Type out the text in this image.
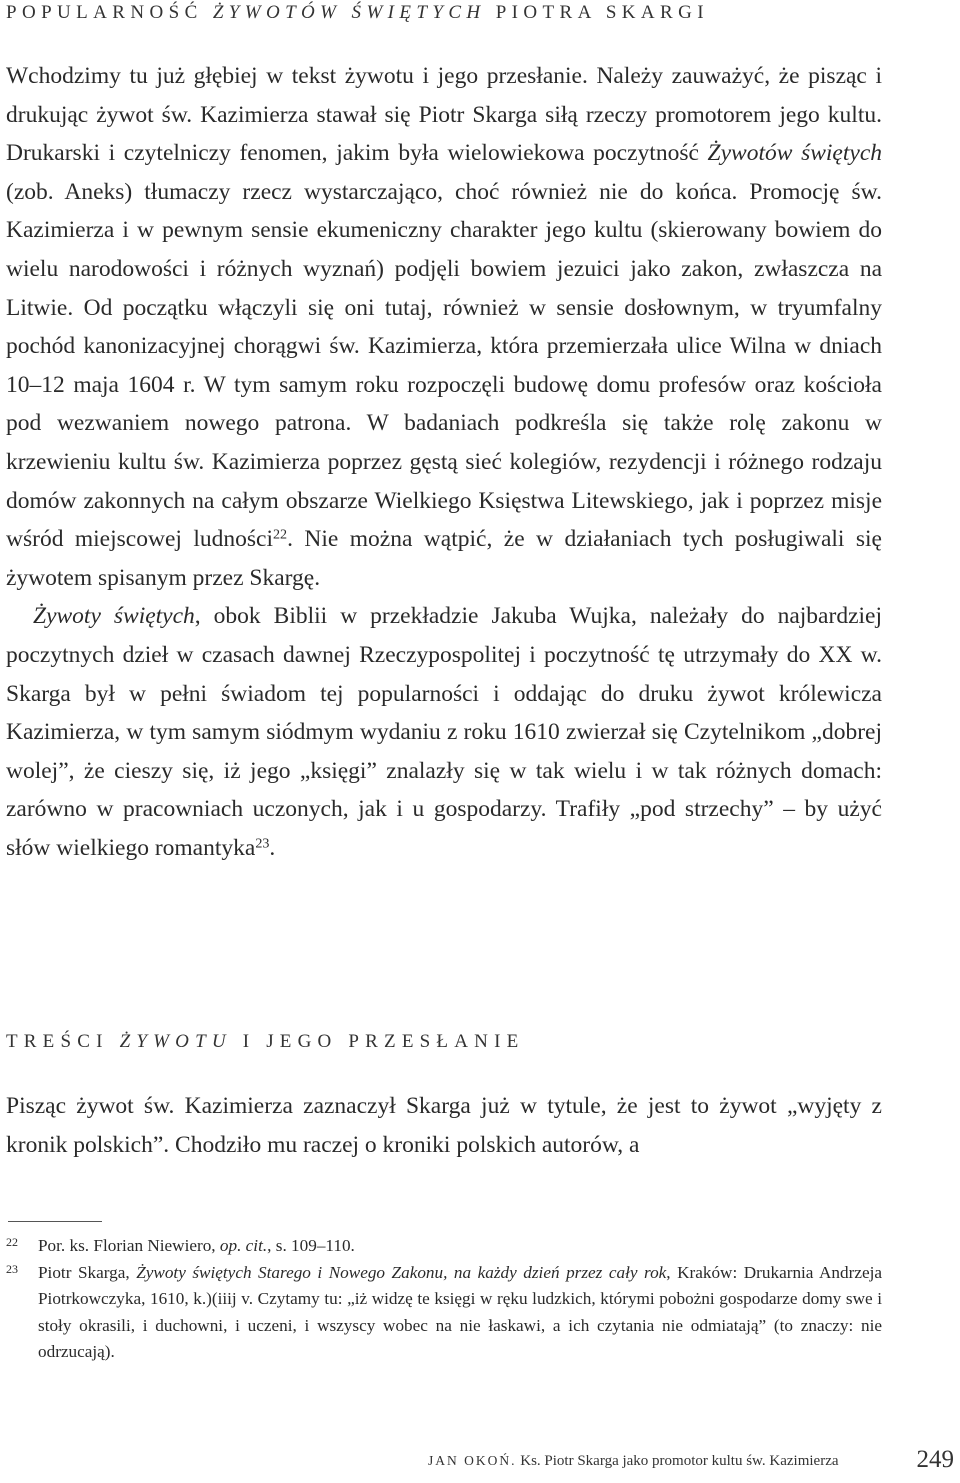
POPULARNOŚĆ ŻYWOTÓW ŚWIĘTYCH PIOTRA SKARGI

Wchodzimy tu już głębiej w tekst żywotu i jego przesłanie. Należy zauważyć, że pisząc i drukując żywot św. Kazimierza stawał się Piotr Skarga siłą rzeczy promotorem jego kultu. Drukarski i czytelniczy fenomen, jakim była wielowiekowa poczytność Żywotów świętych (zob. Aneks) tłumaczy rzecz wystarczająco, choć również nie do końca. Promocję św. Kazimierza i w pewnym sensie ekumeniczny charakter jego kultu (skierowany bowiem do wielu narodowości i różnych wyznań) podjęli bowiem jezuici jako zakon, zwłaszcza na Litwie. Od początku włączyli się oni tutaj, również w sensie dosłownym, w tryumfalny pochód kanonizacyjnej chorągwi św. Kazimierza, która przemierzała ulice Wilna w dniach 10–12 maja 1604 r. W tym samym roku rozpoczęli budowę domu profesów oraz kościoła pod wezwaniem nowego patrona. W badaniach podkreśla się także rolę zakonu w krzewieniu kultu św. Kazimierza poprzez gęstą sieć kolegiów, rezydencji i różnego rodzaju domów zakonnych na całym obszarze Wielkiego Księstwa Litewskiego, jak i poprzez misje wśród miejscowej ludności$^{22}$. Nie można wątpić, że w działaniach tych posługiwali się żywotem spisanym przez Skargę.

Żywoty świętych, obok Biblii w przekładzie Jakuba Wujka, należały do najbardziej poczytnych dzieł w czasach dawnej Rzeczypospolitej i poczytność tę utrzymały do XX w. Skarga był w pełni świadom tej popularności i oddając do druku żywot królewicza Kazimierza, w tym samym siódmym wydaniu z roku 1610 zwierzał się Czytelnikom „dobrej wolej”, że cieszy się, iż jego „księgi” znalazły się w tak wielu i w tak różnych domach: zarówno w pracowniach uczonych, jak i u gospodarzy. Trafiły „pod strzechy” – by użyć słów wielkiego romantyka$^{23}$.

TREŚCI ŻYWOTU I JEGO PRZESŁANIE

Pisząc żywot św. Kazimierza zaznaczył Skarga już w tytule, że jest to żywot „wyjęty z kronik polskich”. Chodziło mu raczej o kroniki polskich autorów, a

22 Por. ks. Florian Niewiero, op. cit., s. 109–110.

23 Piotr Skarga, Żywoty świętych Starego i Nowego Zakonu, na każdy dzień przez cały rok, Kraków: Drukarnia Andrzeja Piotrkowczyka, 1610, k.)(iiij v. Czytamy tu: „iż widzę te księgi w ręku ludzkich, którymi pobożni gospodarze domy swe i stoły okrasili, i duchowni, i uczeni, i wszyscy wobec na nie łaskawi, a ich czytania nie odmiatają” (to znaczy: nie odrzucają).

JAN OKOŃ. Ks. Piotr Skarga jako promotor kultu św. Kazimierza	249
